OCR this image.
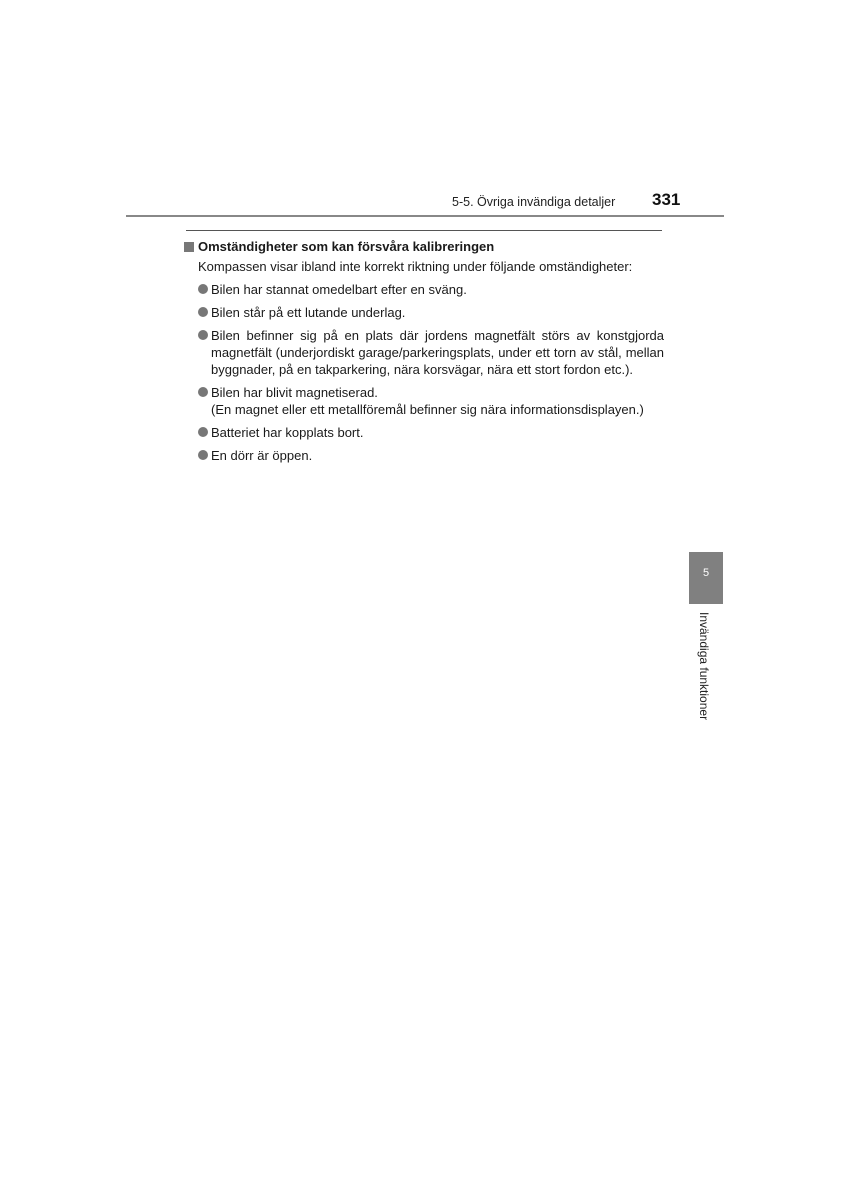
5-5. Övriga invändiga detaljer 331

Omständigheter som kan försvåra kalibreringen

Kompassen visar ibland inte korrekt riktning under följande omständigheter:

Bilen har stannat omedelbart efter en sväng.
Bilen står på ett lutande underlag.
Bilen befinner sig på en plats där jordens magnetfält störs av konstgjorda magnetfält (underjordiskt garage/parkeringsplats, under ett torn av stål, mellan byggnader, på en takparkering, nära korsvägar, nära ett stort fordon etc.).
Bilen har blivit magnetiserad.
(En magnet eller ett metallföremål befinner sig nära informationsdisplayen.)
Batteriet har kopplats bort.
En dörr är öppen.
5
Invändiga funktioner
